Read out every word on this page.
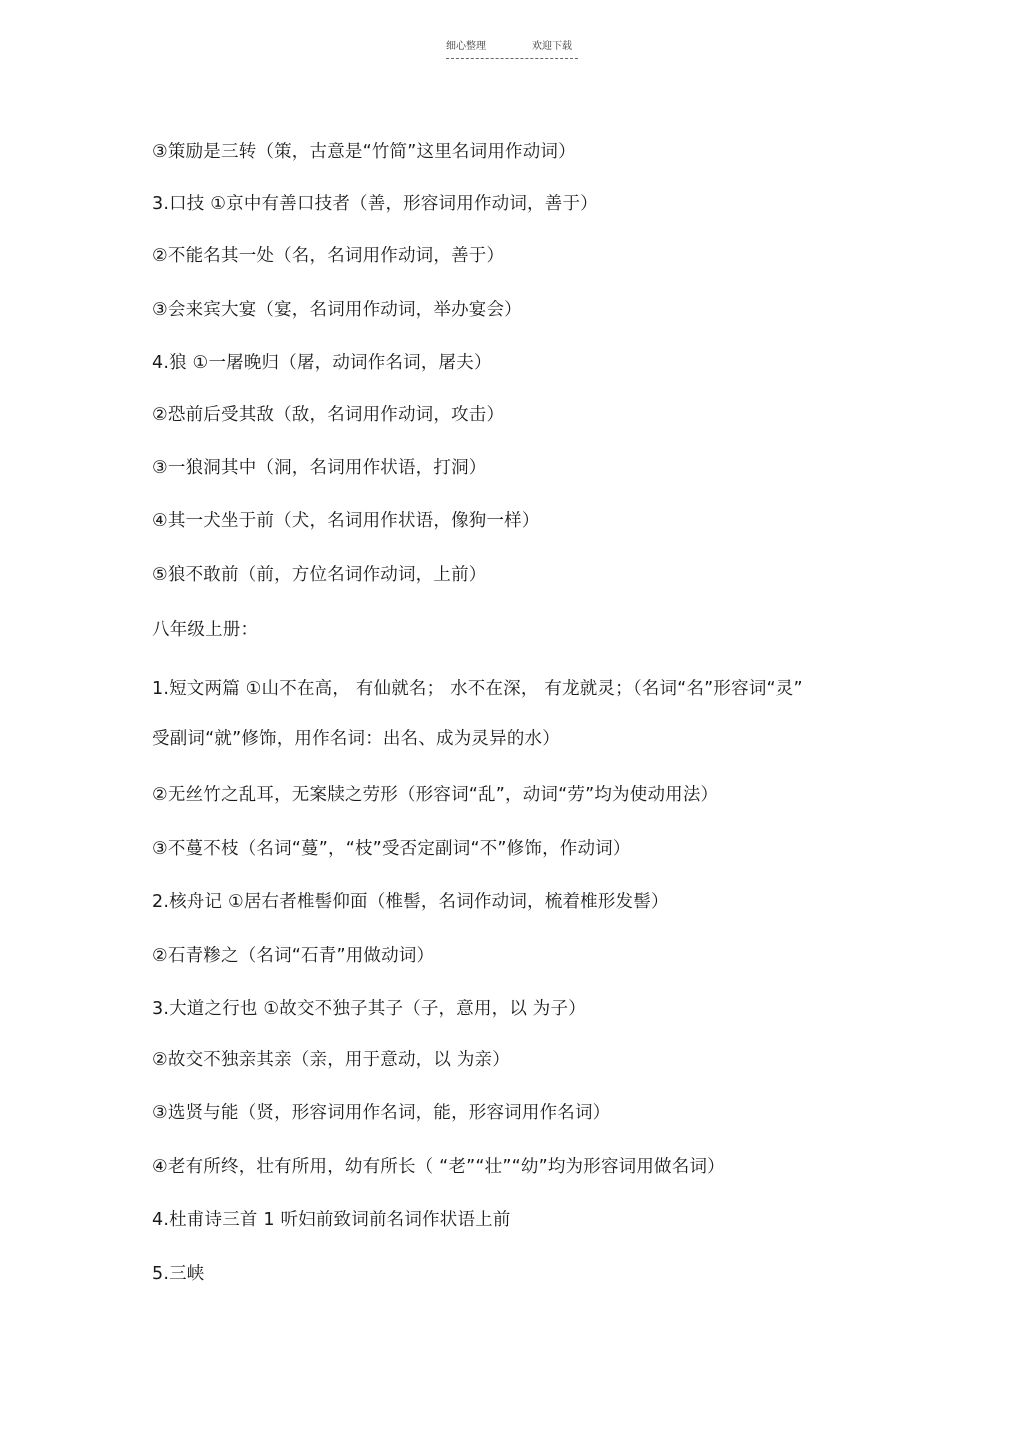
细心整理	欢迎下载
③策励是三转（策，古意是“竹简”这里名词用作动词）
3.口技 ①京中有善口技者（善，形容词用作动词，善于）
②不能名其一处（名，名词用作动词，善于）
③会来宾大宴（宴，名词用作动词，举办宴会）
4.狼 ①一屠晚归（屠，动词作名词，屠夫）
②恐前后受其敌（敌，名词用作动词，攻击）
③一狼洞其中（洞，名词用作状语，打洞）
④其一犬坐于前（犬，名词用作状语，像狗一样）
⑤狼不敢前（前，方位名词作动词，上前）
八年级上册：
1.短文两篇 ①山不在高， 有仙就名； 水不在深， 有龙就灵；（名词“名”形容词“灵”
受副词“就”修饰，用作名词：出名、成为灵异的水）
②无丝竹之乱耳，无案牍之劳形（形容词“乱”，动词“劳”均为使动用法）
③不蔓不枝（名词“蔓”，“枝”受否定副词“不”修饰，作动词）
2.核舟记 ①居右者椎髻仰面（椎髻，名词作动词，梳着椎形发髻）
②石青糁之（名词“石青”用做动词）
3.大道之行也 ①故交不独子其子（子，意用，以 为子）
②故交不独亲其亲（亲，用于意动，以 为亲）
③选贤与能（贤，形容词用作名词，能，形容词用作名词）
④老有所终，壮有所用，幼有所长（ “老”“壮”“幼”均为形容词用做名词）
4.杜甫诗三首 1 听妇前致词前名词作状语上前
5.三峡
